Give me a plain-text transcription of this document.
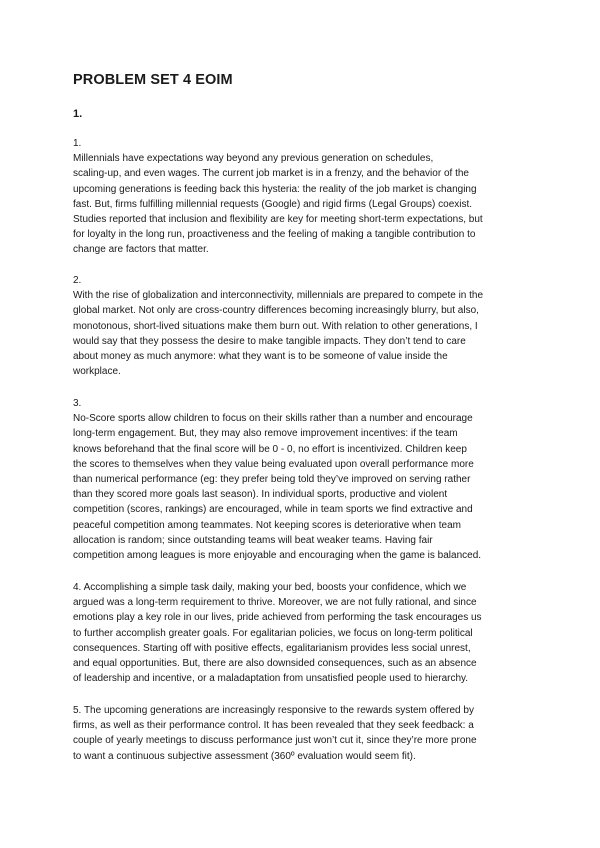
PROBLEM SET 4 EOIM
1.

1.
Millennials have expectations way beyond any previous generation on schedules,
scaling-up, and even wages. The current job market is in a frenzy, and the behavior of the
upcoming generations is feeding back this hysteria: the reality of the job market is changing
fast. But, firms fulfilling millennial requests (Google) and rigid firms (Legal Groups) coexist.
Studies reported that inclusion and flexibility are key for meeting short-term expectations, but
for loyalty in the long run, proactiveness and the feeling of making a tangible contribution to
change are factors that matter.

2.
With the rise of globalization and interconnectivity, millennials are prepared to compete in the
global market. Not only are cross-country differences becoming increasingly blurry, but also,
monotonous, short-lived situations make them burn out. With relation to other generations, I
would say that they possess the desire to make tangible impacts. They don’t tend to care
about money as much anymore: what they want is to be someone of value inside the
workplace.

3.
No-Score sports allow children to focus on their skills rather than a number and encourage
long-term engagement. But, they may also remove improvement incentives: if the team
knows beforehand that the final score will be 0 - 0, no effort is incentivized. Children keep
the scores to themselves when they value being evaluated upon overall performance more
than numerical performance (eg: they prefer being told they’ve improved on serving rather
than they scored more goals last season). In individual sports, productive and violent
competition (scores, rankings) are encouraged, while in team sports we find extractive and
peaceful competition among teammates. Not keeping scores is deteriorative when team
allocation is random; since outstanding teams will beat weaker teams. Having fair
competition among leagues is more enjoyable and encouraging when the game is balanced.

4. Accomplishing a simple task daily, making your bed, boosts your confidence, which we
argued was a long-term requirement to thrive. Moreover, we are not fully rational, and since
emotions play a key role in our lives, pride achieved from performing the task encourages us
to further accomplish greater goals. For egalitarian policies, we focus on long-term political
consequences. Starting off with positive effects, egalitarianism provides less social unrest,
and equal opportunities. But, there are also downsided consequences, such as an absence
of leadership and incentive, or a maladaptation from unsatisfied people used to hierarchy.

5. The upcoming generations are increasingly responsive to the rewards system offered by
firms, as well as their performance control. It has been revealed that they seek feedback: a
couple of yearly meetings to discuss performance just won’t cut it, since they’re more prone
to want a continuous subjective assessment (360º evaluation would seem fit).
